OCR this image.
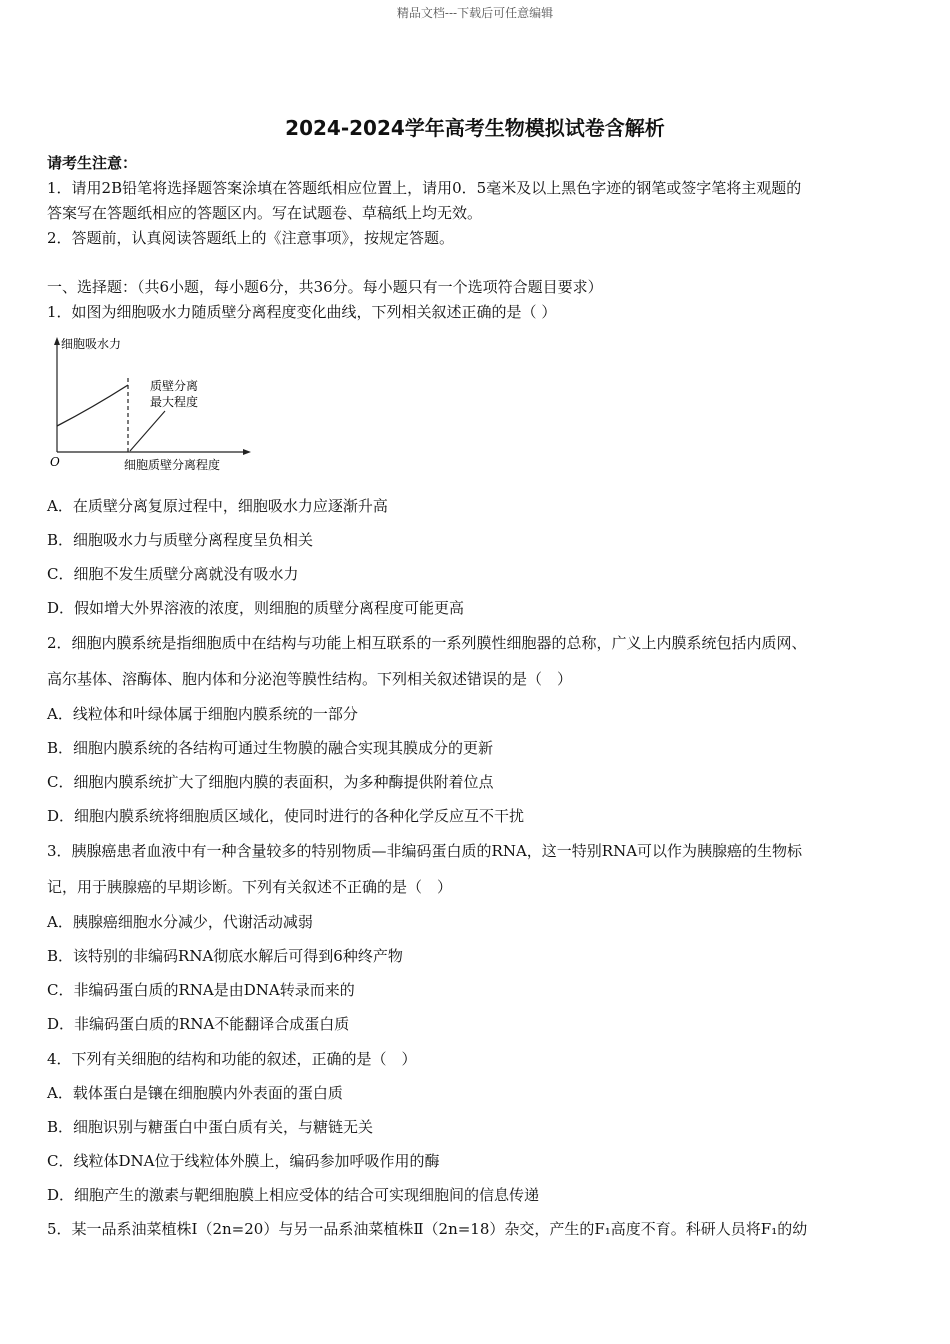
精品文档---下载后可任意编辑
2024-2024学年高考生物模拟试卷含解析
请考生注意：
1．请用2B铅笔将选择题答案涂填在答题纸相应位置上，请用0．5毫米及以上黑色字迹的钢笔或签字笔将主观题的
答案写在答题纸相应的答题区内。写在试题卷、草稿纸上均无效。
2．答题前，认真阅读答题纸上的《注意事项》，按规定答题。
一、选择题：（共6小题，每小题6分，共36分。每小题只有一个选项符合题目要求）
1．如图为细胞吸水力随质壁分离程度变化曲线，下列相关叙述正确的是（ ）
细胞吸水力
质壁分离
最大程度
O	细胞质壁分离程度
A．在质壁分离复原过程中，细胞吸水力应逐渐升高
B．细胞吸水力与质壁分离程度呈负相关
C．细胞不发生质壁分离就没有吸水力
D．假如增大外界溶液的浓度，则细胞的质壁分离程度可能更高
2．细胞内膜系统是指细胞质中在结构与功能上相互联系的一系列膜性细胞器的总称，广义上内膜系统包括内质网、
高尔基体、溶酶体、胞内体和分泌泡等膜性结构。下列相关叙述错误的是（　）
A．线粒体和叶绿体属于细胞内膜系统的一部分
B．细胞内膜系统的各结构可通过生物膜的融合实现其膜成分的更新
C．细胞内膜系统扩大了细胞内膜的表面积，为多种酶提供附着位点
D．细胞内膜系统将细胞质区域化，使同时进行的各种化学反应互不干扰
3．胰腺癌患者血液中有一种含量较多的特别物质—非编码蛋白质的RNA，这一特别RNA可以作为胰腺癌的生物标
记，用于胰腺癌的早期诊断。下列有关叙述不正确的是（　）
A．胰腺癌细胞水分减少，代谢活动减弱
B．该特别的非编码RNA彻底水解后可得到6种终产物
C．非编码蛋白质的RNA是由DNA转录而来的
D．非编码蛋白质的RNA不能翻译合成蛋白质
4．下列有关细胞的结构和功能的叙述，正确的是（　）
A．载体蛋白是镶在细胞膜内外表面的蛋白质
B．细胞识别与糖蛋白中蛋白质有关，与糖链无关
C．线粒体DNA位于线粒体外膜上，编码参加呼吸作用的酶
D．细胞产生的激素与靶细胞膜上相应受体的结合可实现细胞间的信息传递
5．某一品系油菜植株Ⅰ（2n=20）与另一品系油菜植株Ⅱ（2n=18）杂交，产生的F₁高度不育。科研人员将F₁的幼
